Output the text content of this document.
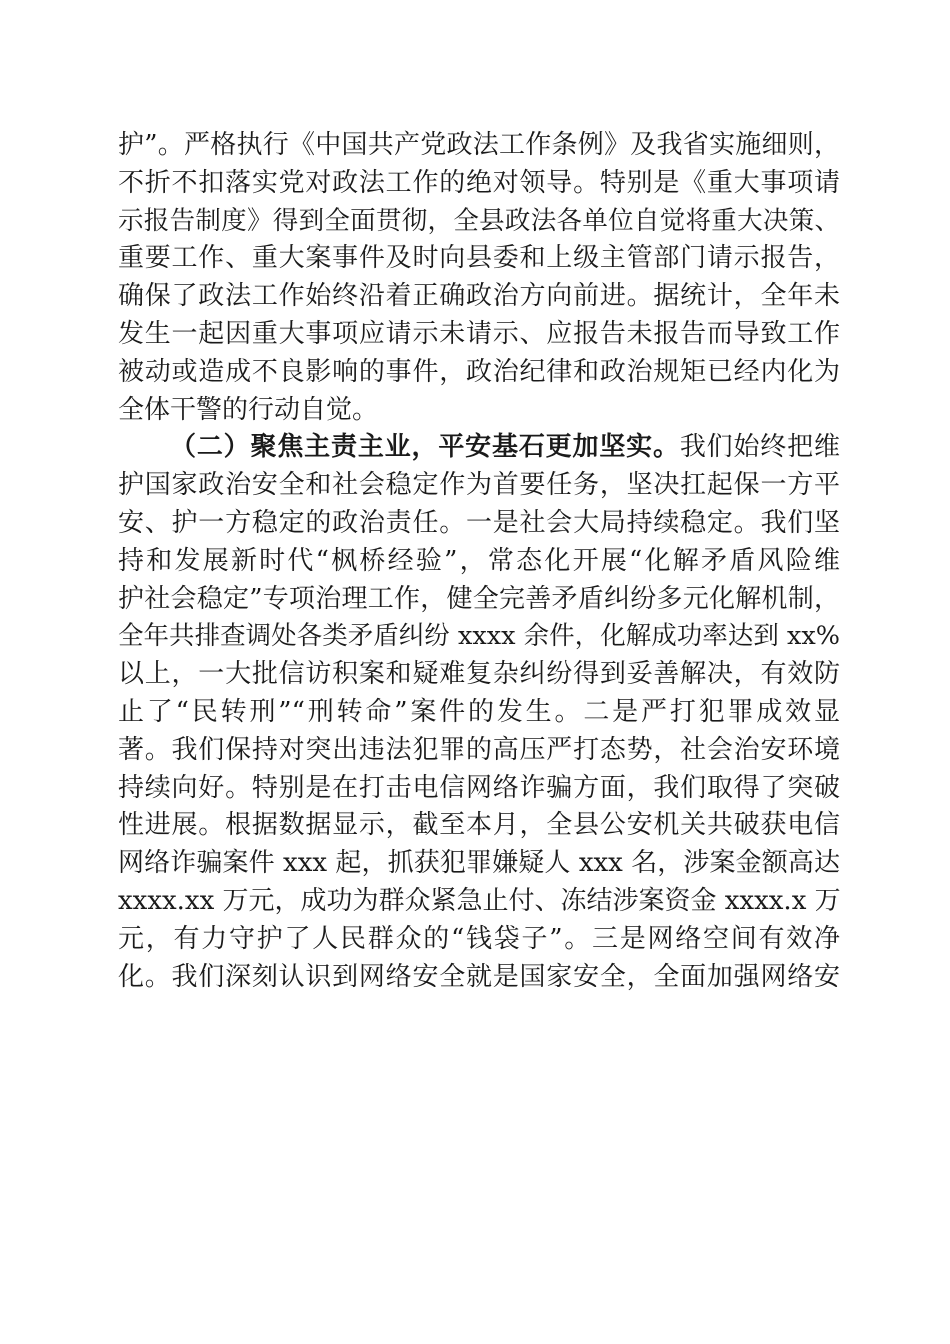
护”。严格执行《中国共产党政法工作条例》及我省实施细则，
不折不扣落实党对政法工作的绝对领导。特别是《重大事项请
示报告制度》得到全面贯彻，全县政法各单位自觉将重大决策、
重要工作、重大案事件及时向县委和上级主管部门请示报告，
确保了政法工作始终沿着正确政治方向前进。据统计，全年未
发生一起因重大事项应请示未请示、应报告未报告而导致工作
被动或造成不良影响的事件，政治纪律和政治规矩已经内化为
全体干警的行动自觉。
（二）聚焦主责主业，平安基石更加坚实。我们始终把维
护国家政治安全和社会稳定作为首要任务，坚决扛起保一方平
安、护一方稳定的政治责任。一是社会大局持续稳定。我们坚
持和发展新时代“枫桥经验”，常态化开展“化解矛盾风险维
护社会稳定”专项治理工作，健全完善矛盾纠纷多元化解机制，
全年共排查调处各类矛盾纠纷 xxxx 余件，化解成功率达到 xx%
以上，一大批信访积案和疑难复杂纠纷得到妥善解决，有效防
止了“民转刑”“刑转命”案件的发生。二是严打犯罪成效显
著。我们保持对突出违法犯罪的高压严打态势，社会治安环境
持续向好。特别是在打击电信网络诈骗方面，我们取得了突破
性进展。根据数据显示，截至本月，全县公安机关共破获电信
网络诈骗案件 xxx 起，抓获犯罪嫌疑人 xxx 名，涉案金额高达
xxxx.xx 万元，成功为群众紧急止付、冻结涉案资金 xxxx.x 万
元，有力守护了人民群众的“钱袋子”。三是网络空间有效净
化。我们深刻认识到网络安全就是国家安全，全面加强网络安
